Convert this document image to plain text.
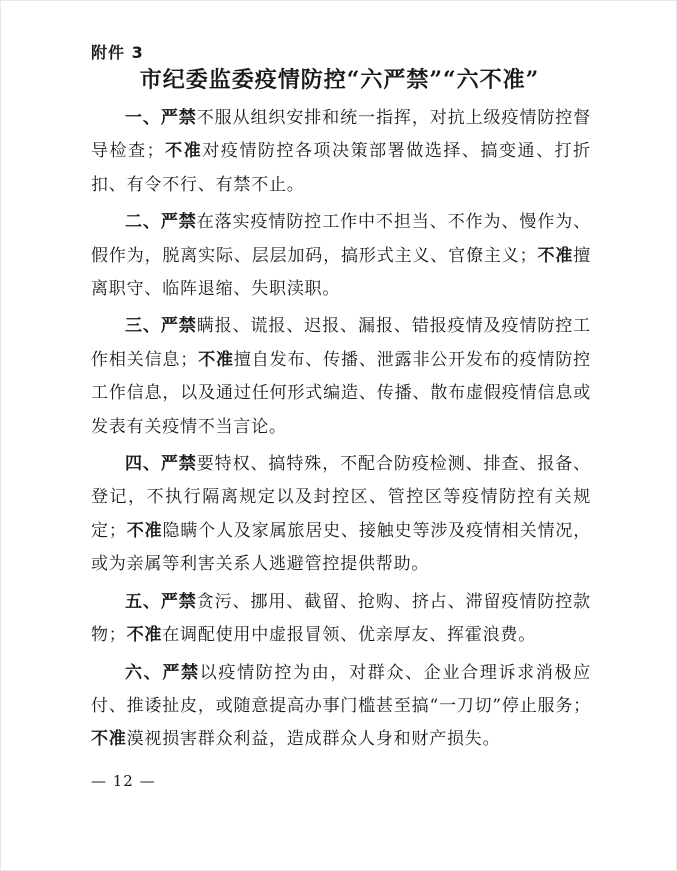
附件 3
市纪委监委疫情防控“六严禁”“六不准”

一、严禁不服从组织安排和统一指挥，对抗上级疫情防控督导检查；不准对疫情防控各项决策部署做选择、搞变通、打折扣、有令不行、有禁不止。

二、严禁在落实疫情防控工作中不担当、不作为、慢作为、假作为，脱离实际、层层加码，搞形式主义、官僚主义；不准擅离职守、临阵退缩、失职渎职。

三、严禁瞒报、谎报、迟报、漏报、错报疫情及疫情防控工作相关信息；不准擅自发布、传播、泄露非公开发布的疫情防控工作信息，以及通过任何形式编造、传播、散布虚假疫情信息或发表有关疫情不当言论。

四、严禁要特权、搞特殊，不配合防疫检测、排查、报备、登记，不执行隔离规定以及封控区、管控区等疫情防控有关规定；不准隐瞒个人及家属旅居史、接触史等涉及疫情相关情况，或为亲属等利害关系人逃避管控提供帮助。

五、严禁贪污、挪用、截留、抢购、挤占、滞留疫情防控款物；不准在调配使用中虚报冒领、优亲厚友、挥霍浪费。

六、严禁以疫情防控为由，对群众、企业合理诉求消极应付、推诿扯皮，或随意提高办事门槛甚至搞“一刀切”停止服务；不准漠视损害群众利益，造成群众人身和财产损失。

— 12 —
